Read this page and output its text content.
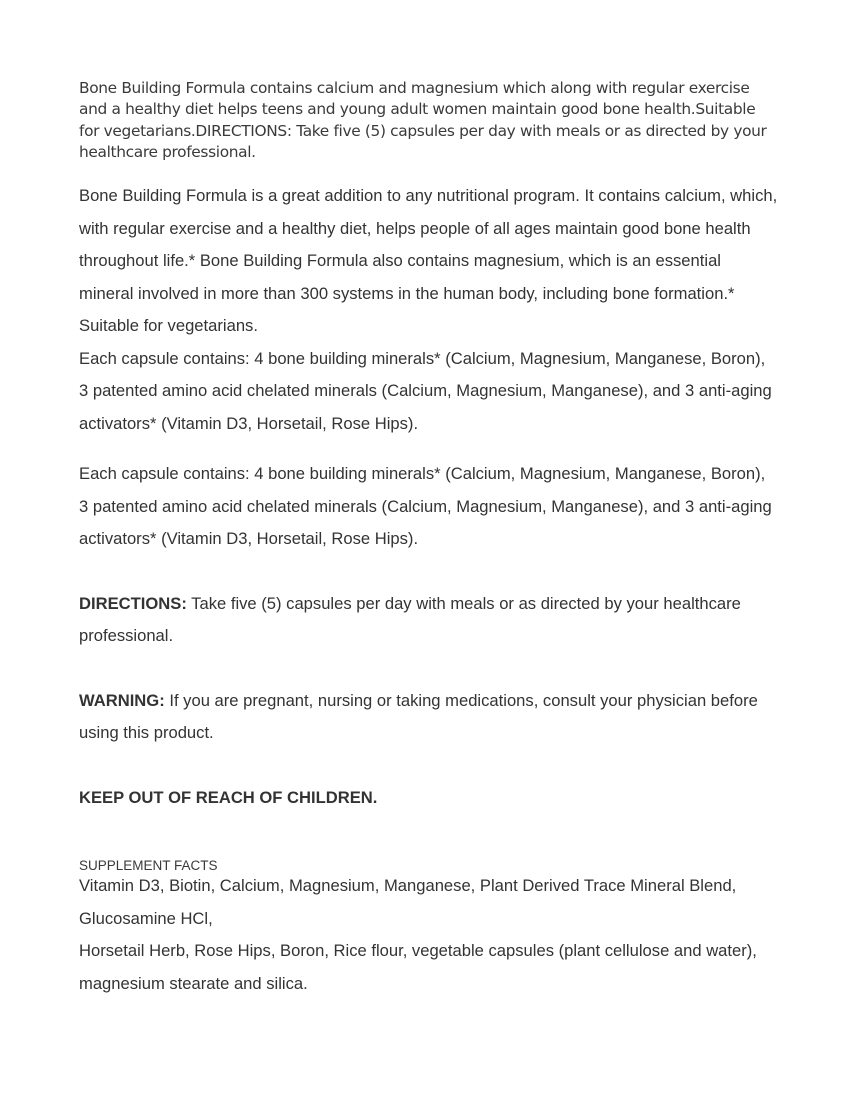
Bone Building Formula contains calcium and magnesium which along with regular exercise and a healthy diet helps teens and young adult women maintain good bone health.Suitable for vegetarians.DIRECTIONS: Take five (5) capsules per day with meals or as directed by your healthcare professional.

Bone Building Formula is a great addition to any nutritional program. It contains calcium, which, with regular exercise and a healthy diet, helps people of all ages maintain good bone health throughout life.* Bone Building Formula also contains magnesium, which is an essential mineral involved in more than 300 systems in the human body, including bone formation.* Suitable for vegetarians.

Each capsule contains: 4 bone building minerals* (Calcium, Magnesium, Manganese, Boron), 3 patented amino acid chelated minerals (Calcium, Magnesium, Manganese), and 3 anti-aging activators* (Vitamin D3, Horsetail, Rose Hips).

Each capsule contains: 4 bone building minerals* (Calcium, Magnesium, Manganese, Boron), 3 patented amino acid chelated minerals (Calcium, Magnesium, Manganese), and 3 anti-aging activators* (Vitamin D3, Horsetail, Rose Hips).

DIRECTIONS: Take five (5) capsules per day with meals or as directed by your healthcare professional.

WARNING: If you are pregnant, nursing or taking medications, consult your physician before using this product.

KEEP OUT OF REACH OF CHILDREN.

SUPPLEMENT FACTS

Vitamin D3, Biotin, Calcium, Magnesium, Manganese, Plant Derived Trace Mineral Blend, Glucosamine HCl,

Horsetail Herb, Rose Hips, Boron, Rice flour, vegetable capsules (plant cellulose and water), magnesium stearate and silica.
